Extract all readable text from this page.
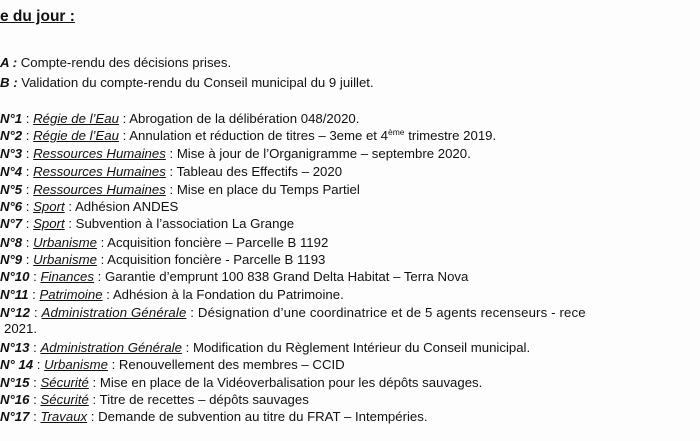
e du jour :
A : Compte-rendu des décisions prises.
B : Validation du compte-rendu du Conseil municipal du 9 juillet.
N°1 : Régie de l’Eau : Abrogation de la délibération 048/2020.
N°2 : Régie de l’Eau : Annulation et réduction de titres – 3eme et 4ème trimestre 2019.
N°3 : Ressources Humaines : Mise à jour de l’Organigramme – septembre 2020.
N°4 : Ressources Humaines : Tableau des Effectifs – 2020
N°5 : Ressources Humaines : Mise en place du Temps Partiel
N°6 : Sport : Adhésion ANDES
N°7 : Sport : Subvention à l’association La Grange
N°8 : Urbanisme : Acquisition foncière – Parcelle B 1192
N°9 : Urbanisme : Acquisition foncière - Parcelle B 1193
N°10 : Finances : Garantie d’emprunt 100 838 Grand Delta Habitat – Terra Nova
N°11 : Patrimoine : Adhésion à la Fondation du Patrimoine.
N°12 : Administration Générale : Désignation d’une coordinatrice et de 5 agents recenseurs - rece
2021.
N°13 : Administration Générale : Modification du Règlement Intérieur du Conseil municipal.
N° 14 : Urbanisme : Renouvellement des membres – CCID
N°15 : Sécurité : Mise en place de la Vidéoverbalisation pour les dépôts sauvages.
N°16 : Sécurité : Titre de recettes – dépôts sauvages
N°17 : Travaux : Demande de subvention au titre du FRAT – Intempéries.
